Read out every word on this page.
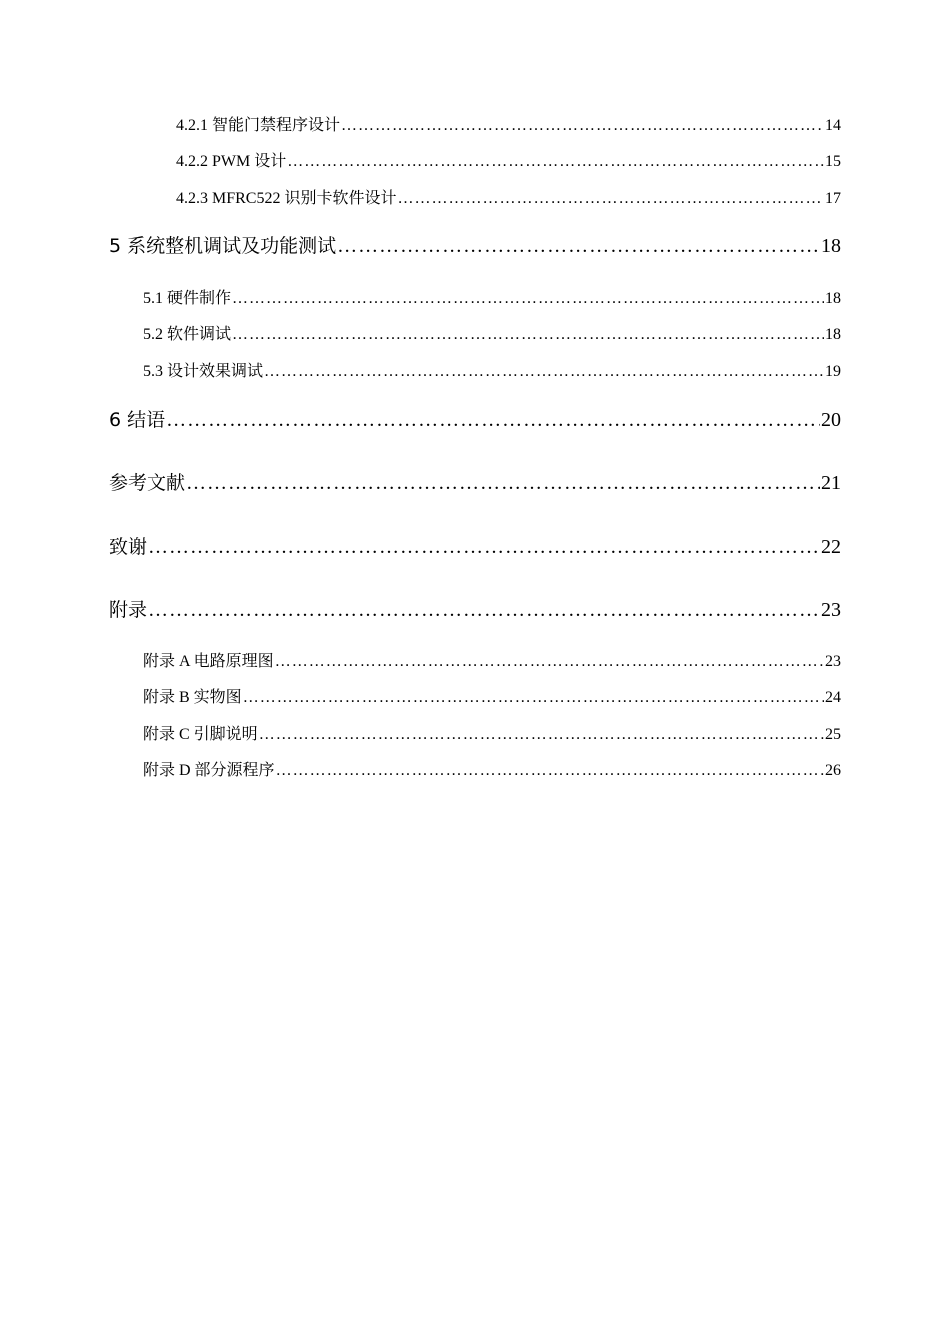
4.2.1 智能门禁程序设计 …………………………………………………………………………………………………………………………………………………………………………………………………………………………………………………………	14
4.2.2 PWM 设计 …………………………………………………………………………………………………………………………………………………………………………………………………………………………………………………………	15
4.2.3 MFRC522 识别卡软件设计 …………………………………………………………………………………………………………………………………………………………………………………………………………………………………………………………	17
5 系统整机调试及功能测试 …………………………………………………………………………………………………………………………………………………………………………………………………………………………………………………………	18
5.1 硬件制作 …………………………………………………………………………………………………………………………………………………………………………………………………………………………………………………………	18
5.2 软件调试 …………………………………………………………………………………………………………………………………………………………………………………………………………………………………………………………	18
5.3 设计效果调试 …………………………………………………………………………………………………………………………………………………………………………………………………………………………………………………………	19
6 结语 …………………………………………………………………………………………………………………………………………………………………………………………………………………………………………………………	20
参考文献 …………………………………………………………………………………………………………………………………………………………………………………………………………………………………………………………	21
致谢 …………………………………………………………………………………………………………………………………………………………………………………………………………………………………………………………	22
附录 …………………………………………………………………………………………………………………………………………………………………………………………………………………………………………………………	23
附录 A 电路原理图 …………………………………………………………………………………………………………………………………………………………………………………………………………………………………………………………	23
附录 B 实物图 …………………………………………………………………………………………………………………………………………………………………………………………………………………………………………………………	24
附录 C 引脚说明 …………………………………………………………………………………………………………………………………………………………………………………………………………………………………………………………	25
附录 D 部分源程序 …………………………………………………………………………………………………………………………………………………………………………………………………………………………………………………………	26
